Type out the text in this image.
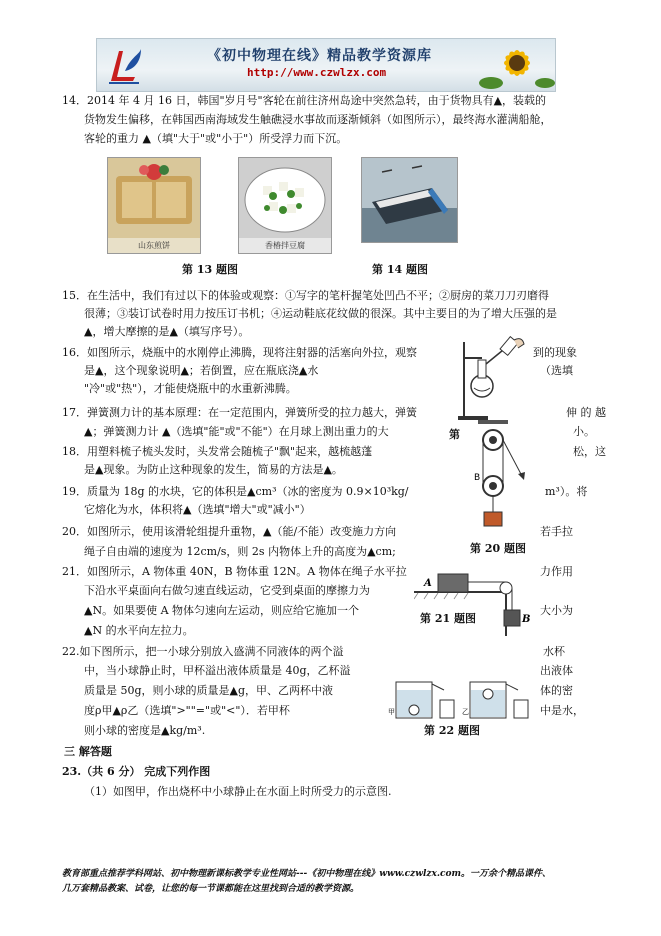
《初中物理在线》精品教学资源库
http://www.czwlzx.com
14．2014 年 4 月 16 日，韩国"岁月号"客轮在前往济州岛途中突然急转，由于货物具有▲，装载的
货物发生偏移，在韩国西南海域发生触礁浸水事故而逐渐倾斜（如图所示），最终海水灌满船舱，
客轮的重力 ▲（填"大于"或"小于"）所受浮力而下沉。
山东煎饼	香椿拌豆腐
第 13 题图	第 14 题图
15．在生活中，我们有过以下的体验或观察：①写字的笔杆握笔处凹凸不平；②厨房的菜刀刀刃磨得
很薄；③装订试卷时用力按压订书机；④运动鞋底花纹做的很深。其中主要目的为了增大压强的是
▲，增大摩擦的是▲（填写序号）。
16．如图所示，烧瓶中的水刚停止沸腾，现将注射器的活塞向外拉，观察	到的现象
是▲，这个现象说明▲；若倒置，应在瓶底浇▲水	（选填
"冷"或"热"），才能使烧瓶中的水重新沸腾。
17．弹簧测力计的基本原理：在一定范围内，弹簧所受的拉力越大，弹簧	伸 的 越
▲；弹簧测力计 ▲（选填"能"或"不能"）在月球上测出重力的大	小。
第
B
18．用塑料梳子梳头发时，头发常会随梳子"飘"起来，越梳越蓬	松，这
是▲现象。为防止这种现象的发生，简易的方法是▲。
19．质量为 18g 的水块，它的体积是▲cm³（冰的密度为 0.9×10³kg/	m³）。将
它熔化为水，体积将▲（选填"增大"或"减小"）
20．如图所示，使用该滑轮组提升重物，▲（能/不能）改变施力方向	若手拉
绳子自由端的速度为 12cm/s，则 2s 内物体上升的高度为▲cm;	第 20 题图
21．如图所示，A 物体重 40N，B 物体重 12N。A 物体在绳子水平拉	力作用
下沿水平桌面向右做匀速直线运动，它受到桌面的摩擦力为
▲N。如果要使 A 物体匀速向左运动，则应给它施加一个	大小为
▲N 的水平向左拉力。
A
B
第 21 题图
22.如下图所示，把一小球分别放入盛满不同液体的两个溢	水杯
中，当小球静止时，甲杯溢出液体质量是 40g，乙杯溢	出液体
质量是 50g，则小球的质量是▲g，甲、乙两杯中液	体的密
度ρ甲▲ρ乙（选填">""="或"<"）．若甲杯	中是水，
则小球的密度是▲kg/m³.
甲	乙
第 22 题图
三 解答题
23.（共 6 分） 完成下列作图
（1）如图甲，作出烧杯中小球静止在水面上时所受力的示意图.
教育部重点推荐学科网站、初中物理新课标教学专业性网站---《初中物理在线》www.czwlzx.com。一万余个精品课件、
几万套精品教案、试卷，让您的每一节课都能在这里找到合适的教学资源。
